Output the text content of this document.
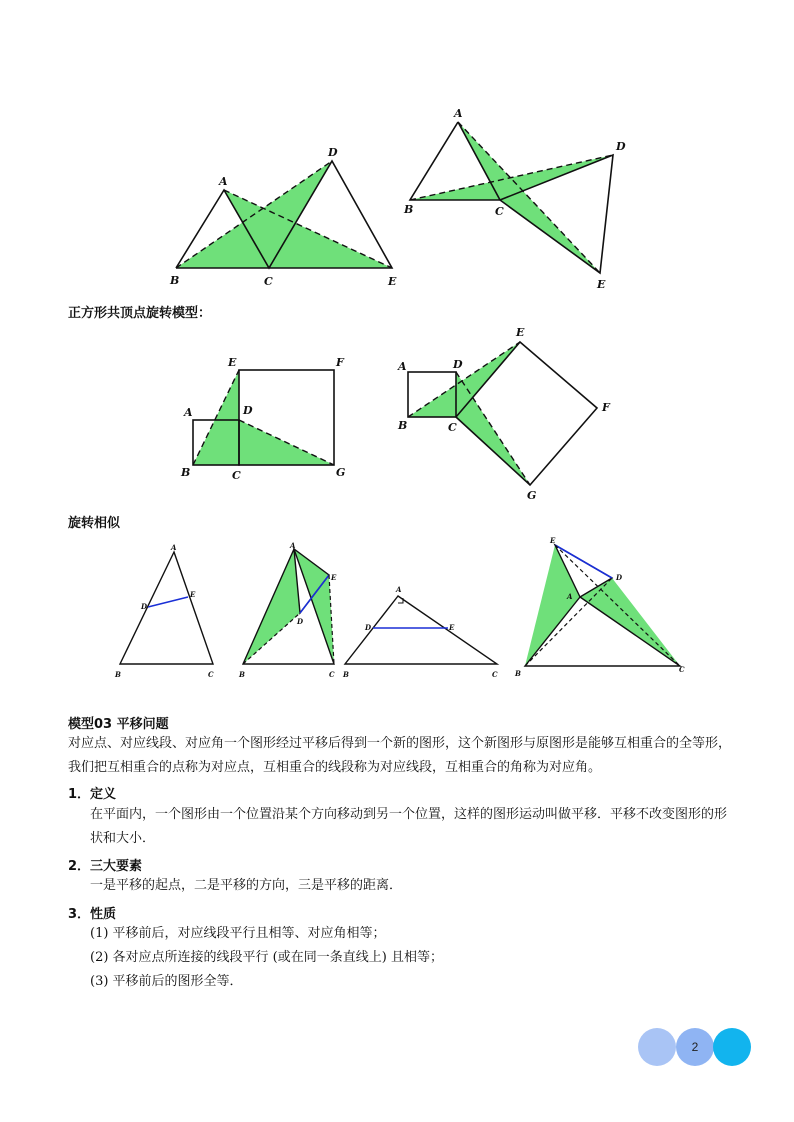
A
B	C
D
E
A
B	C
D
E
A
B	C
D
E	F
G
A
B	C
D
E
F
G
A
B	C
D
E
A
B	C
D
E
A
B	C
D	E
A
B	C
D
E
正方形共顶点旋转模型：
旋转相似
模型03 平移问题
对应点、对应线段、对应角一个图形经过平移后得到一个新的图形，这个新图形与原图形是能够互相重合的全等形，我们把互相重合的点称为对应点，互相重合的线段称为对应线段，互相重合的角称为对应角。
1．定义
在平面内，一个图形由一个位置沿某个方向移动到另一个位置，这样的图形运动叫做平移．平移不改变图形的形状和大小．
2．三大要素
一是平移的起点，二是平移的方向，三是平移的距离．
3．性质
(1) 平移前后，对应线段平行且相等、对应角相等；
(2) 各对应点所连接的线段平行 (或在同一条直线上) 且相等；
(3) 平移前后的图形全等．
2
